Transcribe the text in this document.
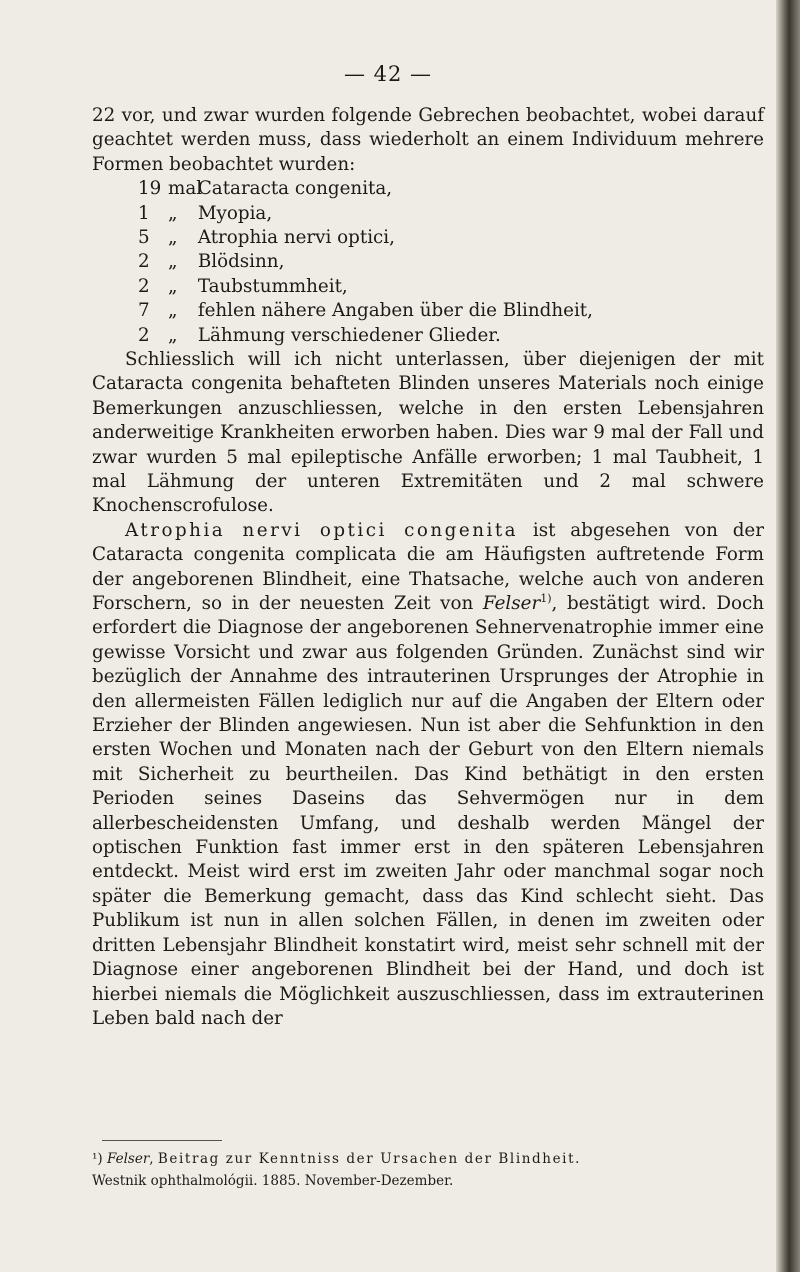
— 42 —

22 vor, und zwar wurden folgende Gebrechen beobachtet, wobei darauf geachtet werden muss, dass wiederholt an einem Individuum mehrere Formen beobachtet wurden:

19 mal Cataracta congenita,
1 „ Myopia,
5 „ Atrophia nervi optici,
2 „ Blödsinn,
2 „ Taubstummheit,
7 „ fehlen nähere Angaben über die Blindheit,
2 „ Lähmung verschiedener Glieder.

Schliesslich will ich nicht unterlassen, über diejenigen der mit Cataracta congenita behafteten Blinden unseres Materials noch einige Bemerkungen anzuschliessen, welche in den ersten Lebensjahren anderweitige Krankheiten erworben haben. Dies war 9 mal der Fall und zwar wurden 5 mal epileptische Anfälle erworben; 1 mal Taubheit, 1 mal Lähmung der unteren Extremitäten und 2 mal schwere Knochenscrofulose.

Atrophia nervi optici congenita ist abgesehen von der Cataracta congenita complicata die am Häufigsten auftretende Form der angeborenen Blindheit, eine Thatsache, welche auch von anderen Forschern, so in der neuesten Zeit von Felser$^{1)}$, bestätigt wird. Doch erfordert die Diagnose der angeborenen Sehnervenatrophie immer eine gewisse Vorsicht und zwar aus folgenden Gründen. Zunächst sind wir bezüglich der Annahme des intrauterinen Ursprunges der Atrophie in den allermeisten Fällen lediglich nur auf die Angaben der Eltern oder Erzieher der Blinden angewiesen. Nun ist aber die Sehfunktion in den ersten Wochen und Monaten nach der Geburt von den Eltern niemals mit Sicherheit zu beurtheilen. Das Kind bethätigt in den ersten Perioden seines Daseins das Sehvermögen nur in dem allerbescheidensten Umfang, und deshalb werden Mängel der optischen Funktion fast immer erst in den späteren Lebensjahren entdeckt. Meist wird erst im zweiten Jahr oder manchmal sogar noch später die Bemerkung gemacht, dass das Kind schlecht sieht. Das Publikum ist nun in allen solchen Fällen, in denen im zweiten oder dritten Lebensjahr Blindheit konstatirt wird, meist sehr schnell mit der Diagnose einer angeborenen Blindheit bei der Hand, und doch ist hierbei niemals die Möglichkeit auszuschliessen, dass im extrauterinen Leben bald nach der

¹) Felser, Beitrag zur Kenntniss der Ursachen der Blindheit.

Westnik ophthalmológii. 1885. November-Dezember.
